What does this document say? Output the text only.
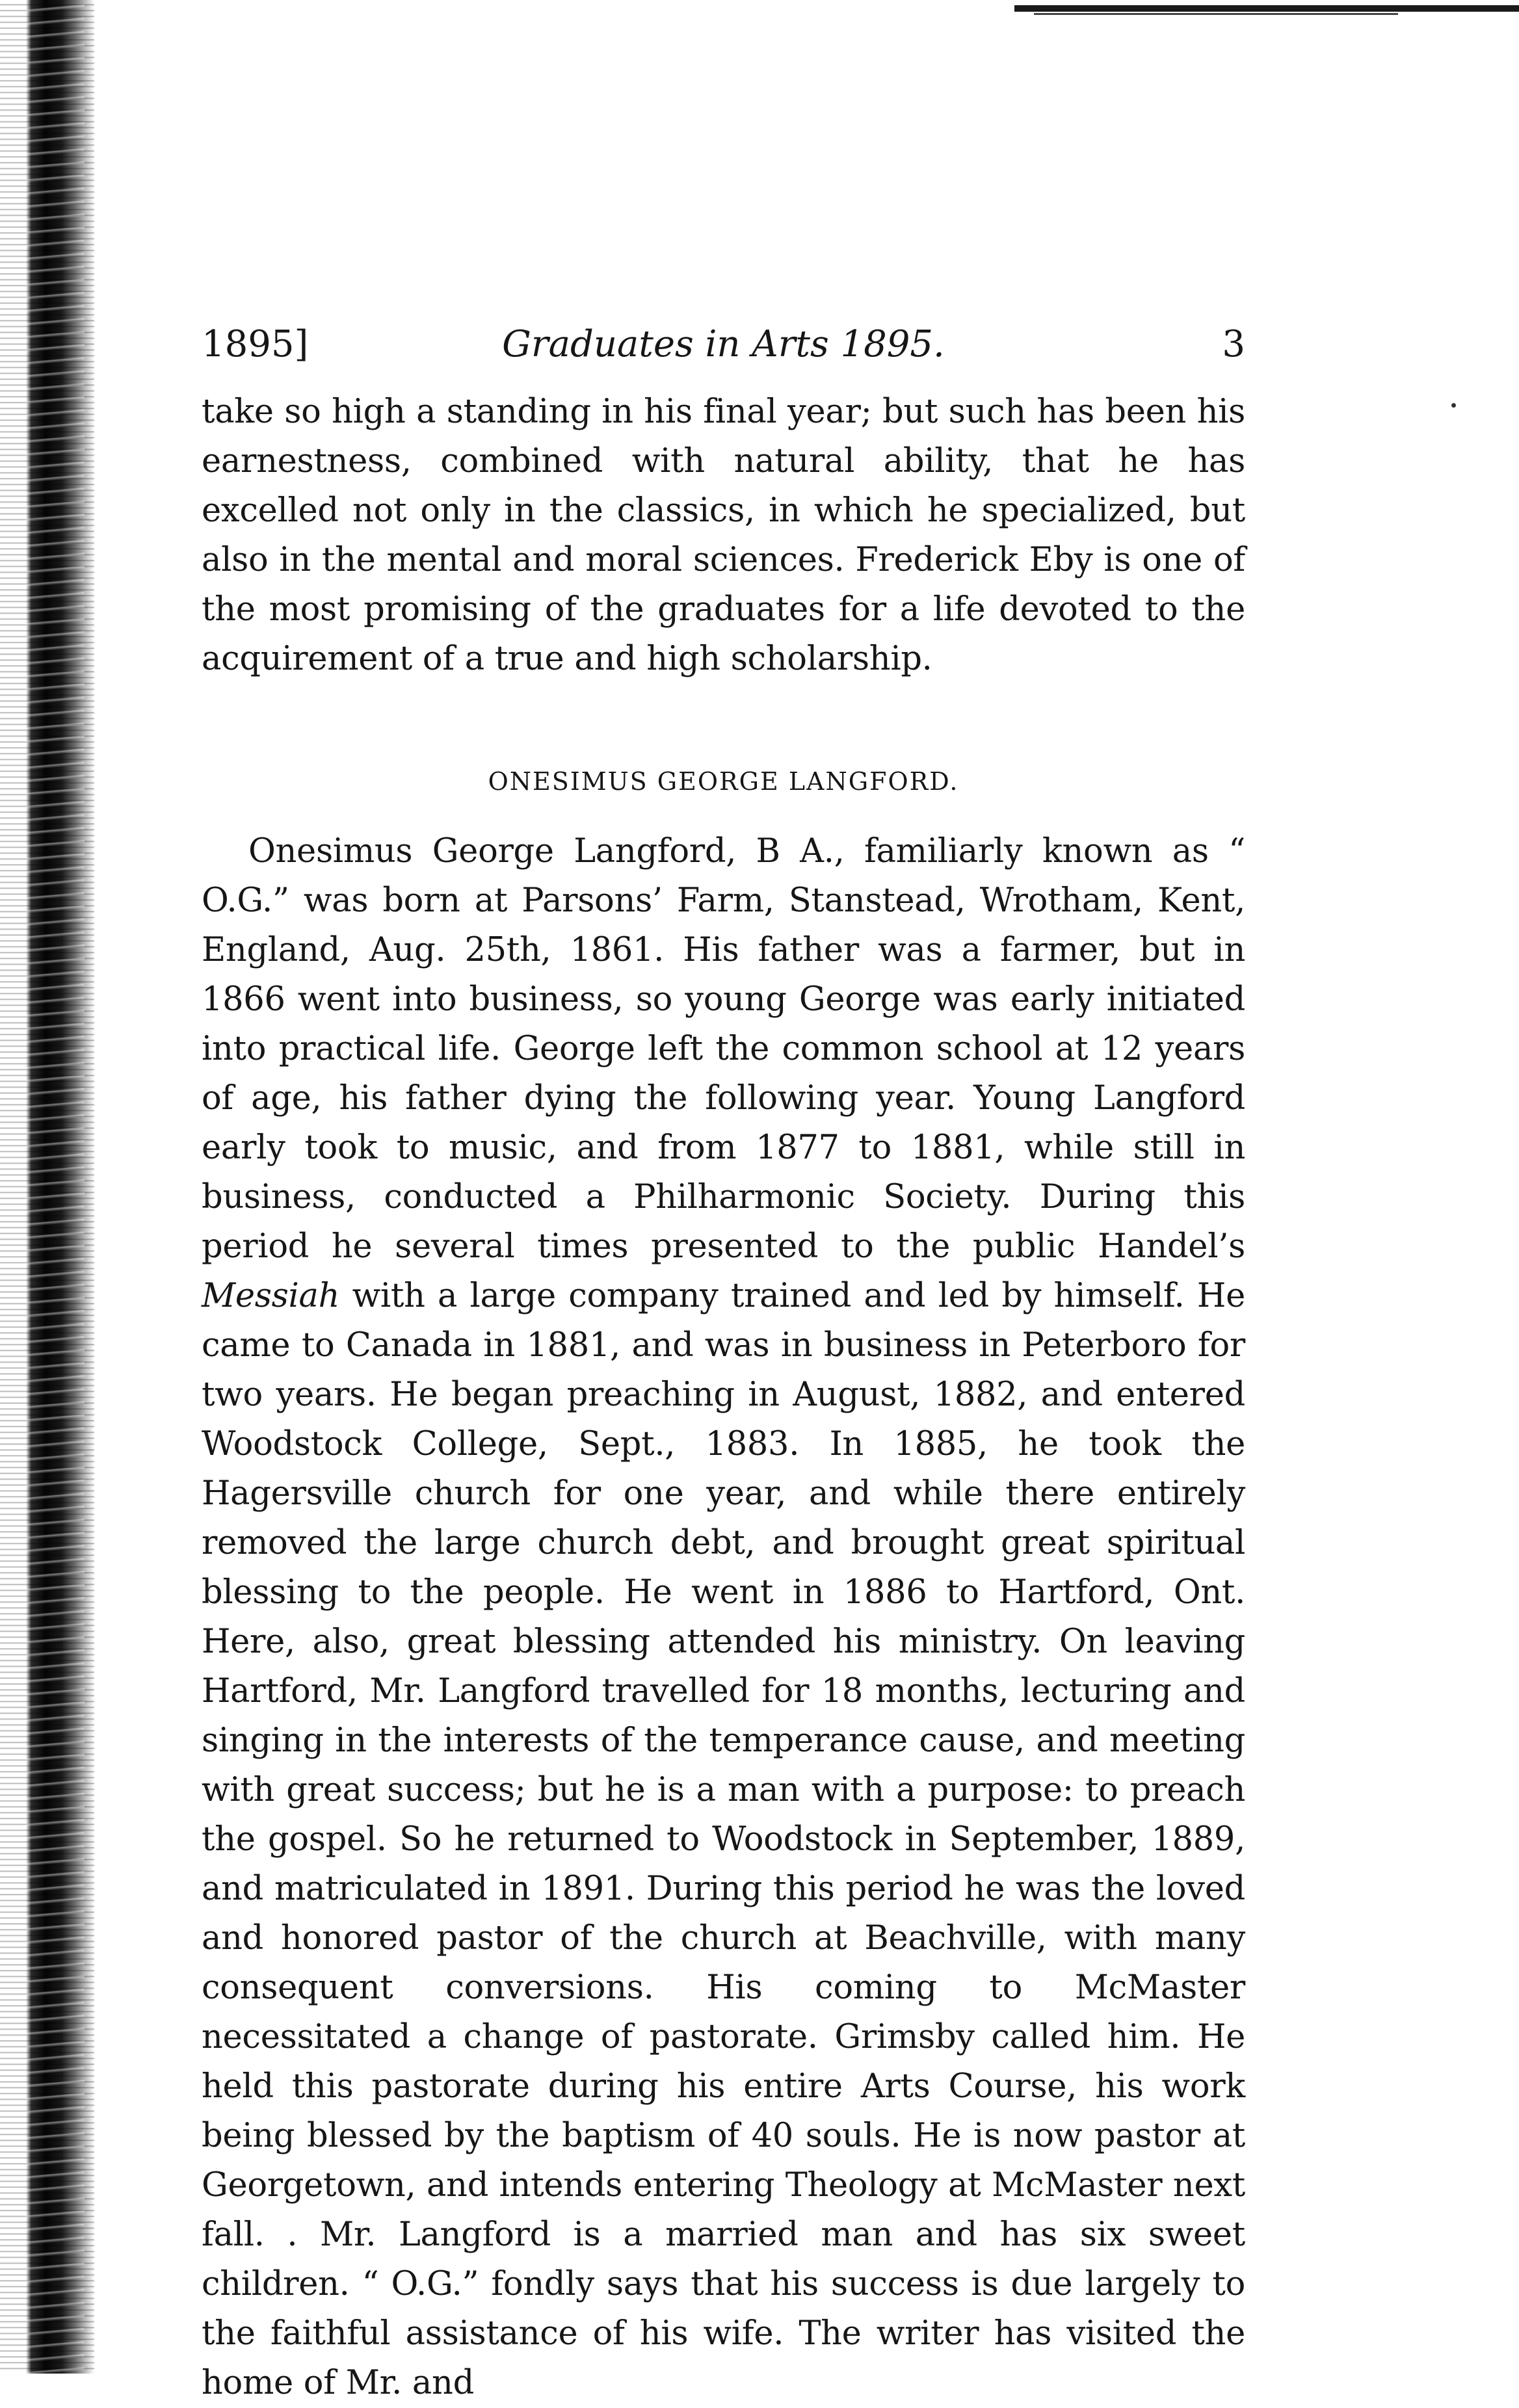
1895]	Graduates in Arts 1895.	3

take so high a standing in his final year; but such has been his earnestness, combined with natural ability, that he has excelled not only in the classics, in which he specialized, but also in the mental and moral sciences. Frederick Eby is one of the most promising of the graduates for a life devoted to the acquirement of a true and high scholarship.

ONESIMUS GEORGE LANGFORD.

Onesimus George Langford, B A., familiarly known as “ O.G.” was born at Parsons’ Farm, Stanstead, Wrotham, Kent, England, Aug. 25th, 1861. His father was a farmer, but in 1866 went into business, so young George was early initiated into practical life. George left the common school at 12 years of age, his father dying the following year. Young Langford early took to music, and from 1877 to 1881, while still in business, conducted a Philharmonic Society. During this period he several times presented to the public Handel’s Messiah with a large company trained and led by himself. He came to Canada in 1881, and was in business in Peterboro for two years. He began preaching in August, 1882, and entered Woodstock College, Sept., 1883. In 1885, he took the Hagersville church for one year, and while there entirely removed the large church debt, and brought great spiritual blessing to the people. He went in 1886 to Hartford, Ont. Here, also, great blessing attended his ministry. On leaving Hartford, Mr. Langford travelled for 18 months, lecturing and singing in the interests of the temperance cause, and meeting with great success; but he is a man with a purpose: to preach the gospel. So he returned to Woodstock in September, 1889, and matriculated in 1891. During this period he was the loved and honored pastor of the church at Beachville, with many consequent conversions. His coming to McMaster necessitated a change of pastorate. Grimsby called him. He held this pastorate during his entire Arts Course, his work being blessed by the baptism of 40 souls. He is now pastor at Georgetown, and intends entering Theology at McMaster next fall. . Mr. Langford is a married man and has six sweet children. “ O.G.” fondly says that his success is due largely to the faithful assistance of his wife. The writer has visited the home of Mr. and
